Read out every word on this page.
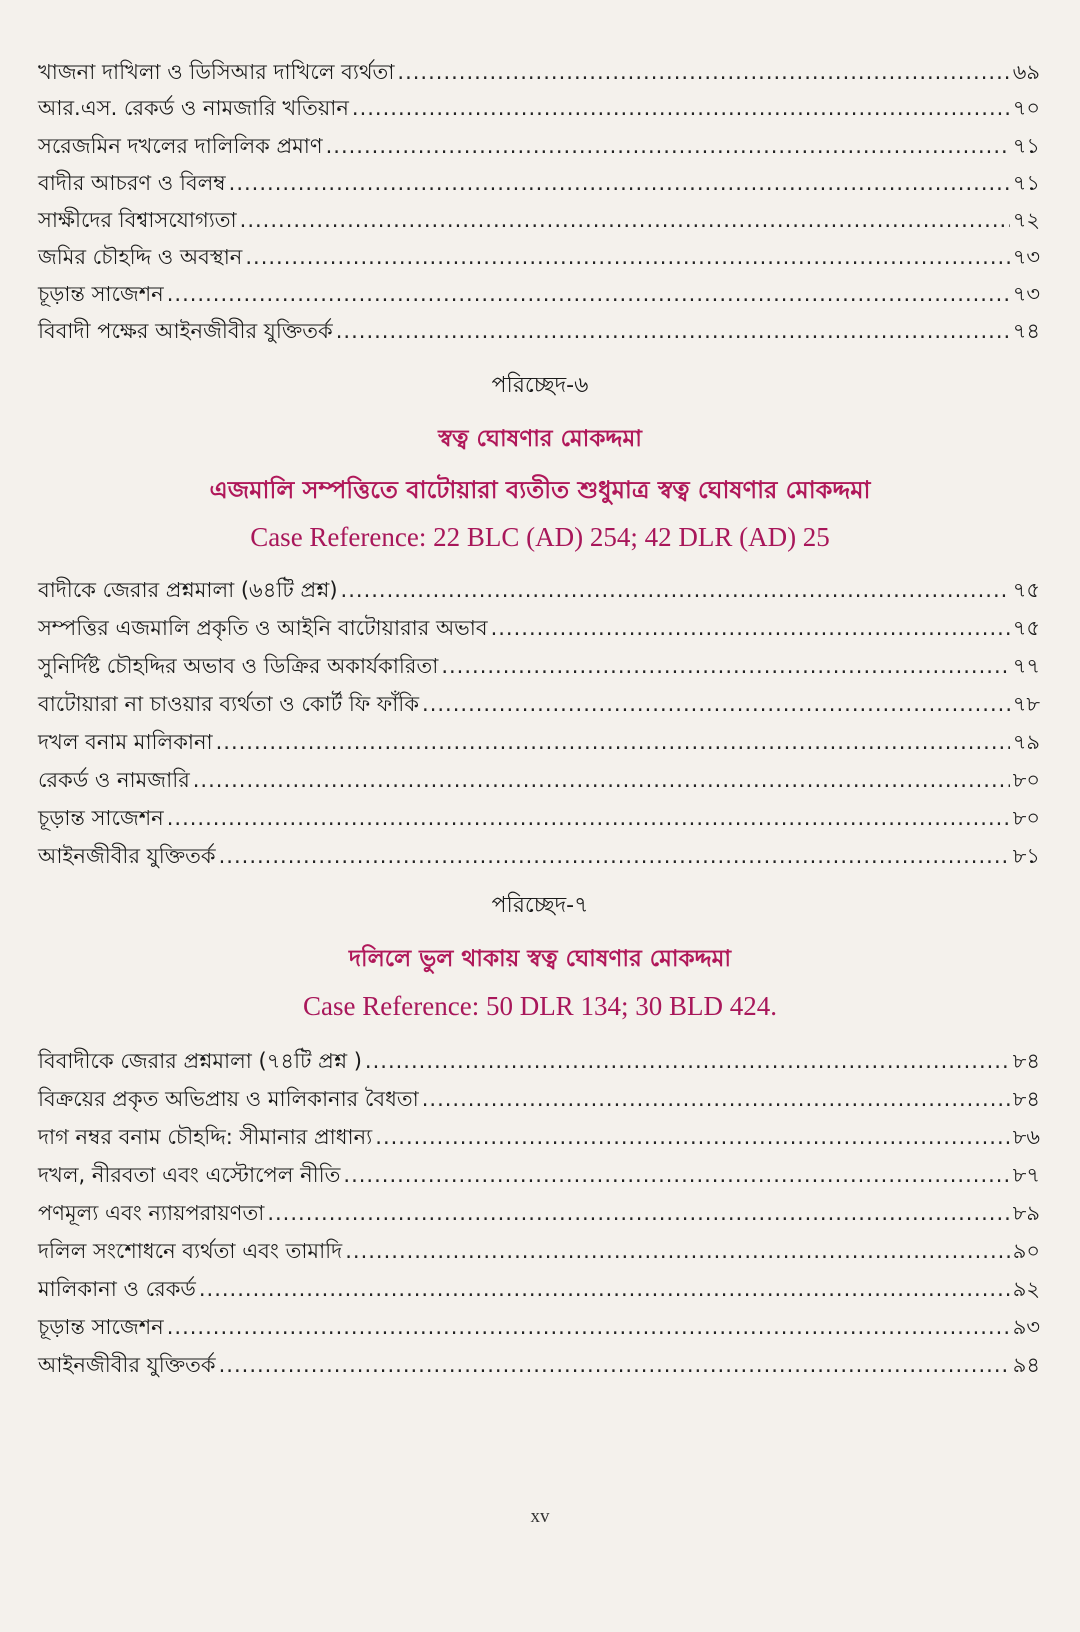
খাজনা দাখিলা ও ডিসিআর দাখিলে ব্যর্থতা .....	৬৯
আর.এস. রেকর্ড ও নামজারি খতিয়ান .....	৭০
সরেজমিন দখলের দালিলিক প্রমাণ .....	৭১
বাদীর আচরণ ও বিলম্ব .....	৭১
সাক্ষীদের বিশ্বাসযোগ্যতা .....	৭২
জমির চৌহদ্দি ও অবস্থান .....	৭৩
চূড়ান্ত সাজেশন .....	৭৩
বিবাদী পক্ষের আইনজীবীর যুক্তিতর্ক .....	৭৪
পরিচ্ছেদ-৬
স্বত্ব ঘোষণার মোকদ্দমা
এজমালি সম্পত্তিতে বাটোয়ারা ব্যতীত শুধুমাত্র স্বত্ব ঘোষণার মোকদ্দমা
Case Reference: 22 BLC (AD) 254; 42 DLR (AD) 25
বাদীকে জেরার প্রশ্নমালা (৬৪টি প্রশ্ন) .....	৭৫
সম্পত্তির এজমালি প্রকৃতি ও আইনি বাটোয়ারার অভাব .....	৭৫
সুনির্দিষ্ট চৌহদ্দির অভাব ও ডিক্রির অকার্যকারিতা .....	৭৭
বাটোয়ারা না চাওয়ার ব্যর্থতা ও কোর্ট ফি ফাঁকি .....	৭৮
দখল বনাম মালিকানা .....	৭৯
রেকর্ড ও নামজারি .....	৮০
চূড়ান্ত সাজেশন .....	৮০
আইনজীবীর যুক্তিতর্ক .....	৮১
পরিচ্ছেদ-৭
দলিলে ভুল থাকায় স্বত্ব ঘোষণার মোকদ্দমা
Case Reference: 50 DLR 134; 30 BLD 424.
বিবাদীকে জেরার প্রশ্নমালা (৭৪টি প্রশ্ন ) .....	৮৪
বিক্রয়ের প্রকৃত অভিপ্রায় ও মালিকানার বৈধতা .....	৮৪
দাগ নম্বর বনাম চৌহদ্দি: সীমানার প্রাধান্য .....	৮৬
দখল, নীরবতা এবং এস্টোপেল নীতি .....	৮৭
পণমূল্য এবং ন্যায়পরায়ণতা .....	৮৯
দলিল সংশোধনে ব্যর্থতা এবং তামাদি .....	৯০
মালিকানা ও রেকর্ড .....	৯২
চূড়ান্ত সাজেশন .....	৯৩
আইনজীবীর যুক্তিতর্ক .....	৯৪
xv
